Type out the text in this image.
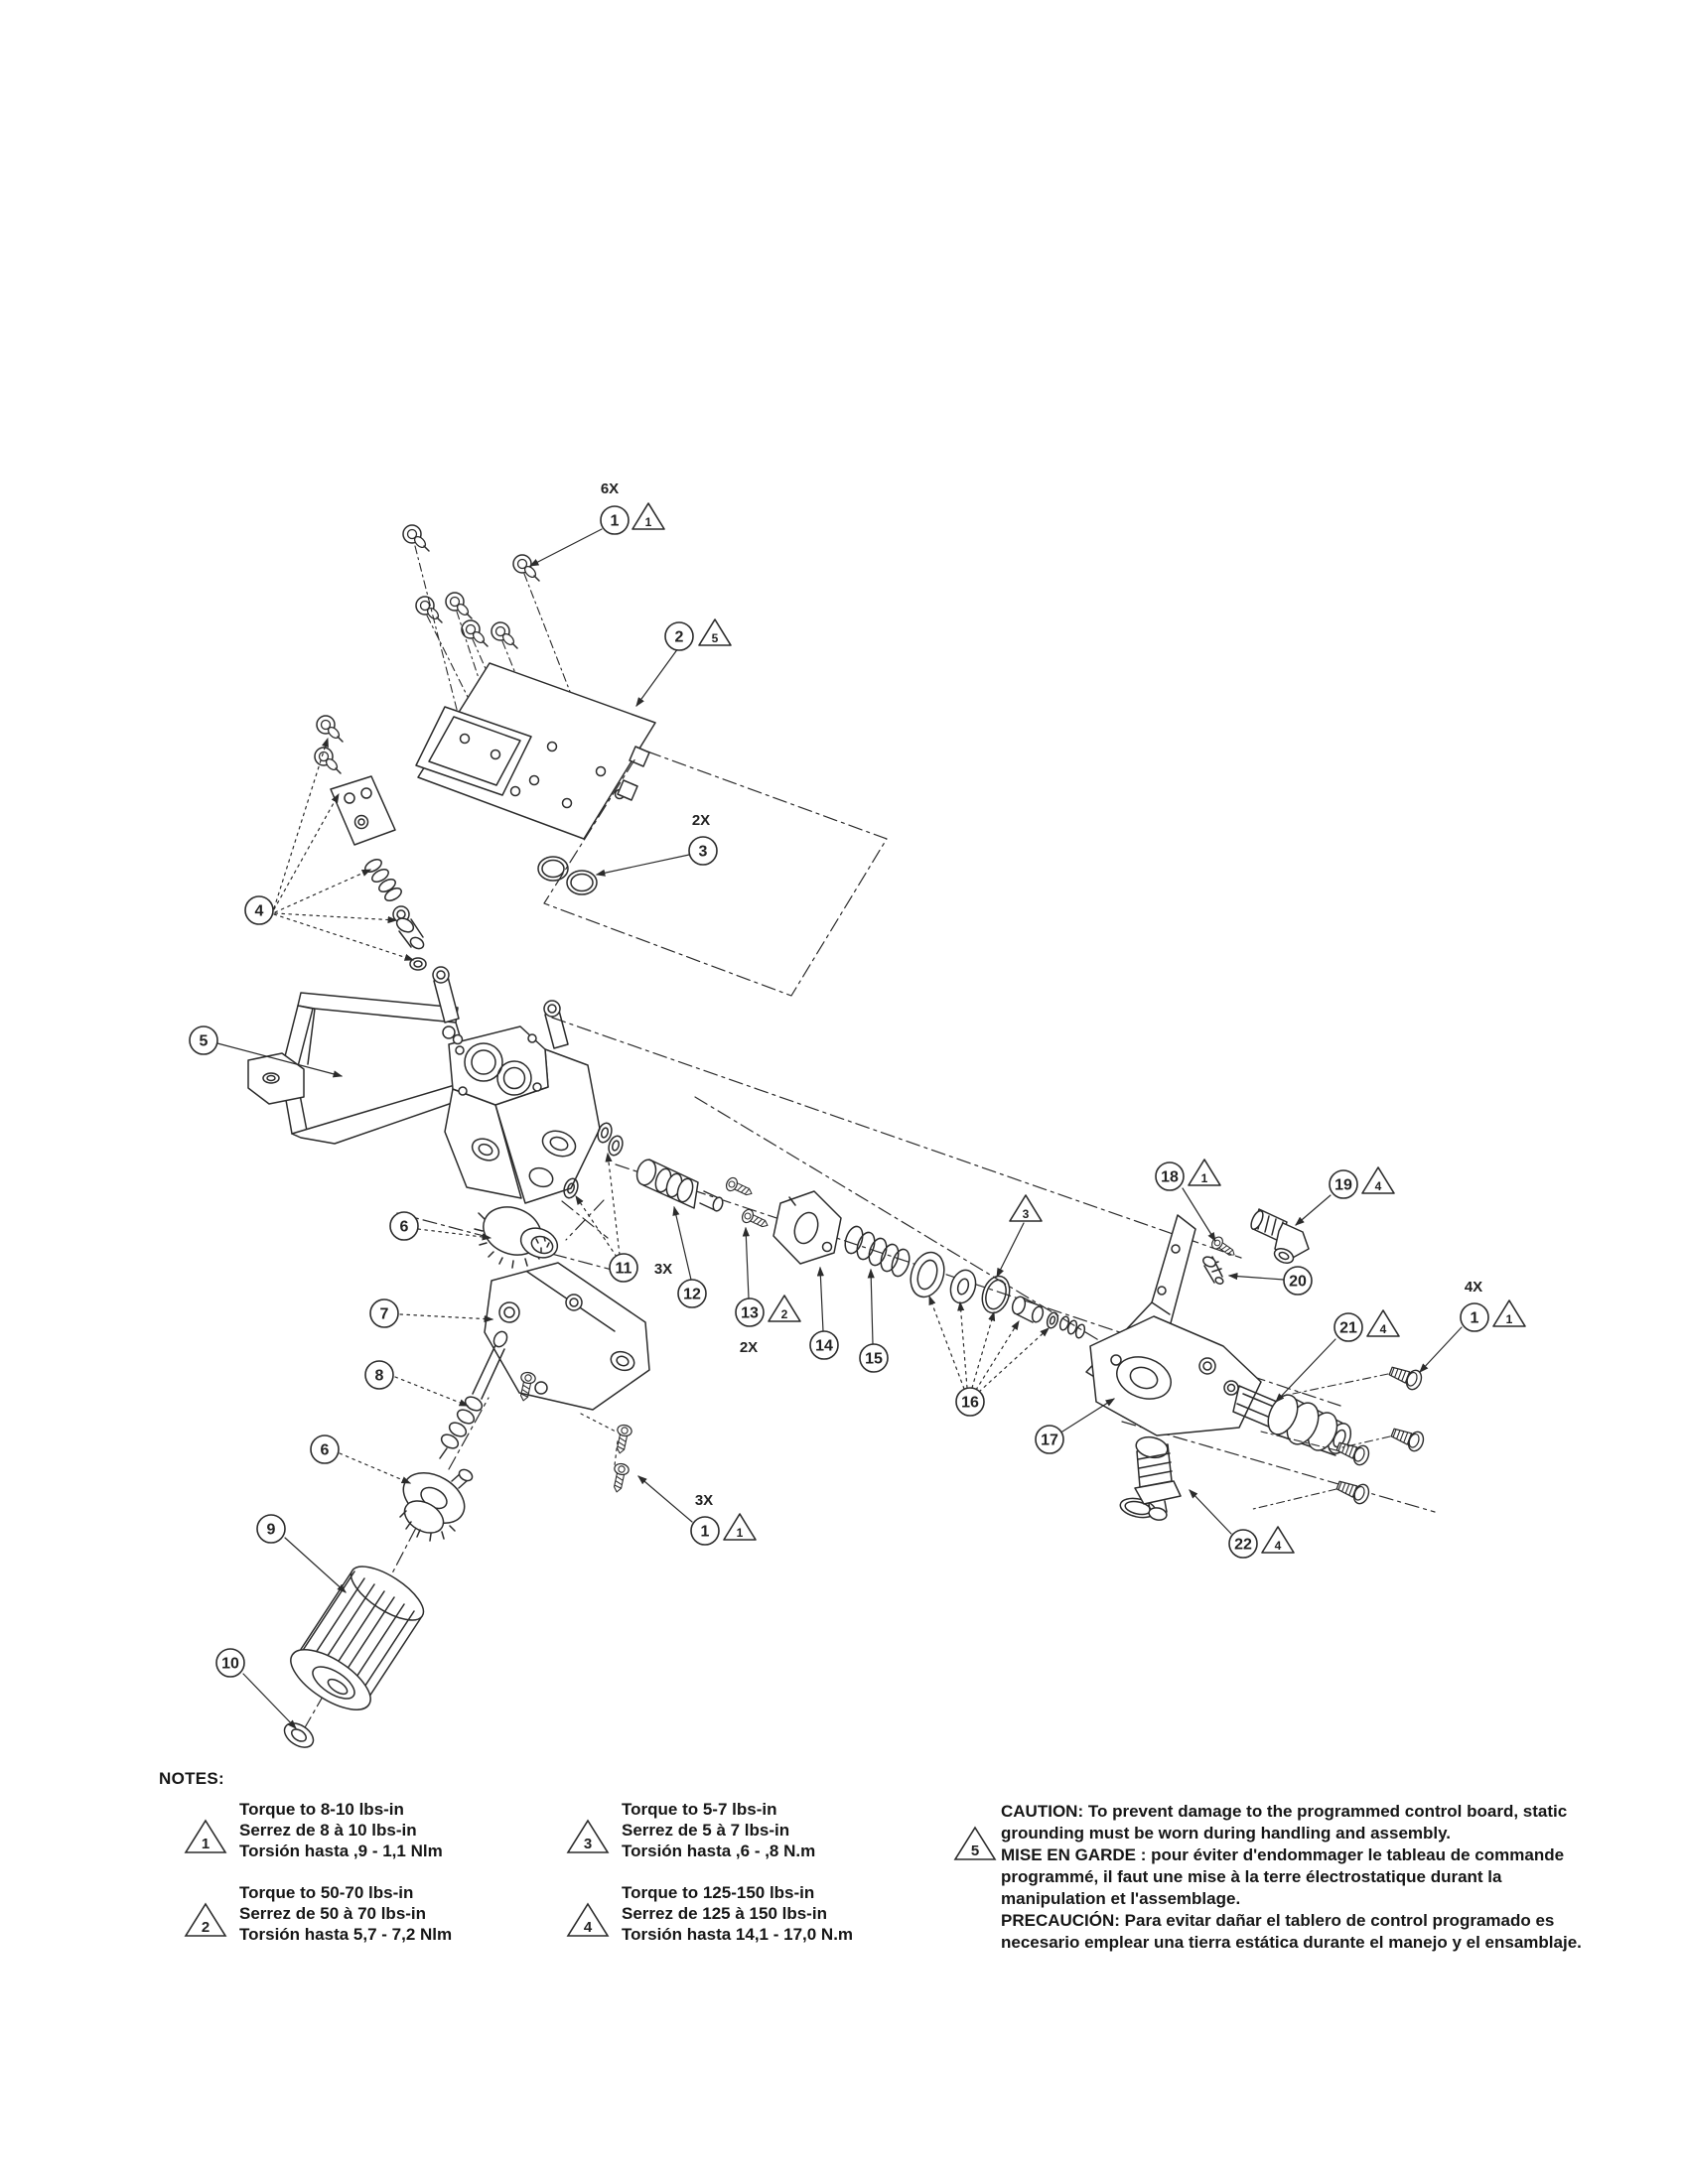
1 1
6X
2 5
3
2X
4
5
6
7
8
6
9
10
11 3X
12
13 2
2X	14
15
16
17
18 1	19 4
20
21 4
1 1
4X
1 1
3X
22 4
3
NOTES:
1
Torque to 8-10 lbs-in
Serrez de 8 à 10 lbs-in
Torsión hasta ,9 - 1,1 Nlm
2
Torque to 50-70 lbs-in
Serrez de 50 à 70 lbs-in
Torsión hasta 5,7 - 7,2 Nlm
3
Torque to 5-7 lbs-in
Serrez de 5 à 7 lbs-in
Torsión hasta ,6 - ,8 N.m
4
Torque to 125-150 lbs-in
Serrez de 125 à 150 lbs-in
Torsión hasta 14,1 - 17,0 N.m
5
CAUTION: To prevent damage to the programmed control board, static grounding must be worn during handling and assembly.
MISE EN GARDE : pour éviter d'endommager le tableau de commande programmé, il faut une mise à la terre électrostatique durant la manipulation et l'assemblage.
PRECAUCIÓN: Para evitar dañar el tablero de control programado es necesario emplear una tierra estática durante el manejo y el ensamblaje.
